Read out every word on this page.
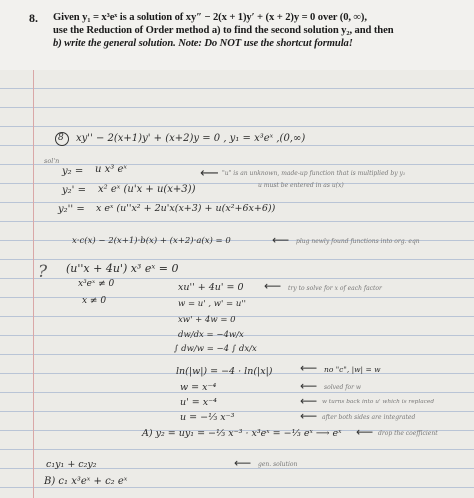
8. Given y₁ = x³eˣ is a solution of xy″ − 2(x + 1)y′ + (x + 2)y = 0 over (0, ∞),
use the Reduction of Order method a) to find the second solution y₂, and then
b) write the general solution. Note: Do NOT use the shortcut formula!
8 xy'' − 2(x+1)y' + (x+2)y = 0 , y₁ = x³eˣ ,(0,∞)
sol'n
y₂ = u x³ eˣ
y₂' = x² eˣ (u'x + u(x+3))
y₂'' = x eˣ (u''x² + 2u'x(x+3) + u(x²+6x+6))
⟵ "u" is an unknown, made-up function that is multiplied by y₁
u must be entered in as u(x)
x·c(x) − 2(x+1)·b(x) + (x+2)·a(x) = 0	⟵ plug newly found functions into org. eqn
? (u''x + 4u') x³ eˣ = 0
x³eˣ ≠ 0
x ≠ 0
xu'' + 4u' = 0 ⟵ try to solve for x of each factor
w = u' , w' = u''
xw' + 4w = 0
dw/dx = −4w/x
∫ dw/w = −4 ∫ dx/x
ln(|w|) = −4 · ln(|x|) ⟵ no "c", |w| = w
w = x⁻⁴	⟵ solved for w
u' = x⁻⁴	⟵ w turns back into u' which is replaced
u = −⅓ x⁻³	⟵ after both sides are integrated
A) y₂ = uy₁ = −⅓ x⁻³ · x³eˣ = −⅓ eˣ ⟶ eˣ ⟵ drop the coefficient
c₁y₁ + c₂y₂	⟵ gen. solution
B) c₁ x³eˣ + c₂ eˣ
